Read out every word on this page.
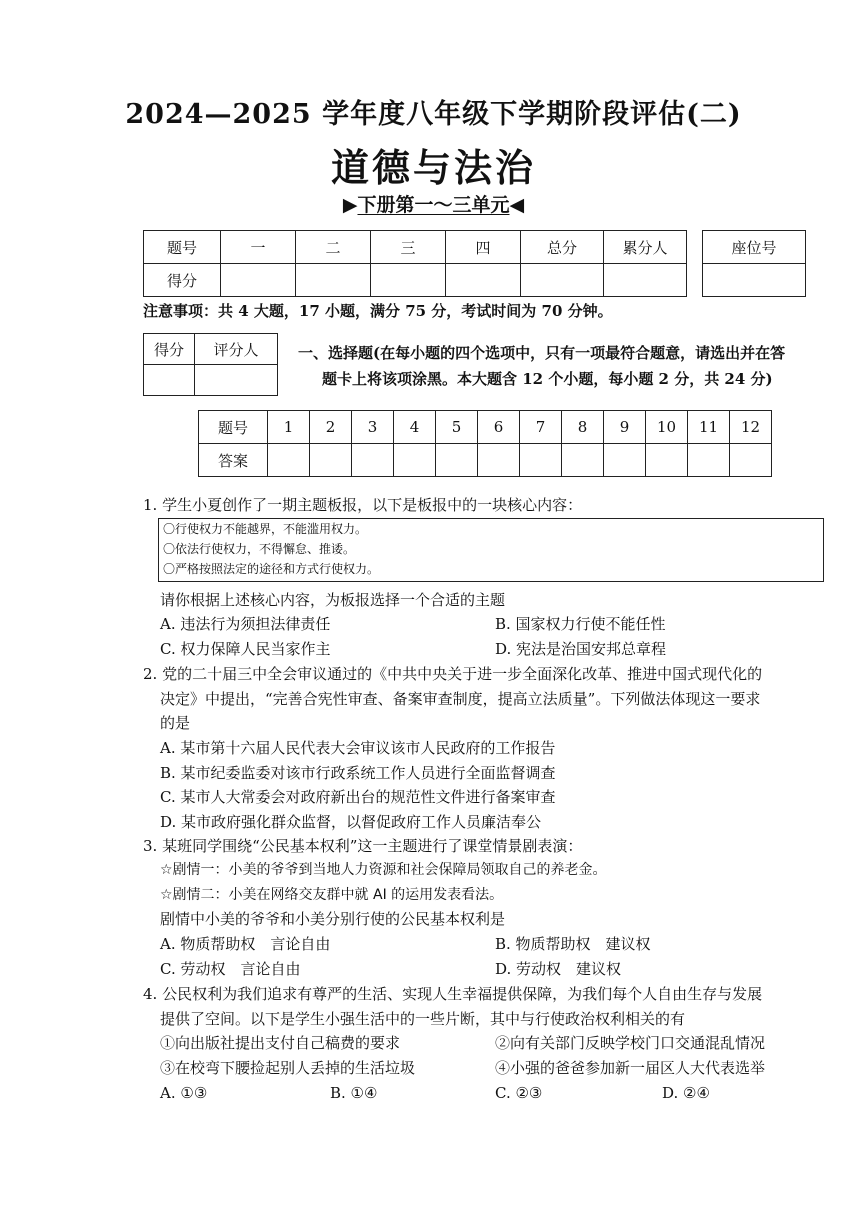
2024—2025 学年度八年级下学期阶段评估(二)
道德与法治
▶下册第一～三单元◀
题号	一	二	三	四	总分	累分人
得分						
座位号

注意事项：共 4 大题，17 小题，满分 75 分，考试时间为 70 分钟。
得分	评分人
		一、选择题(在每小题的四个选项中，只有一项最符合题意，请选出并在答
题卡上将该项涂黑。本大题含 12 个小题，每小题 2 分，共 24 分)
题号	1	2	3	4	5	6	7	8	9	10	11	12
答案												
1. 学生小夏创作了一期主题板报，以下是板报中的一块核心内容：
〇行使权力不能越界，不能滥用权力。
〇依法行使权力，不得懈怠、推诿。
〇严格按照法定的途径和方式行使权力。
请你根据上述核心内容，为板报选择一个合适的主题
A. 违法行为须担法律责任	B. 国家权力行使不能任性
C. 权力保障人民当家作主	D. 宪法是治国安邦总章程
2. 党的二十届三中全会审议通过的《中共中央关于进一步全面深化改革、推进中国式现代化的
决定》中提出，“完善合宪性审查、备案审查制度，提高立法质量”。下列做法体现这一要求
的是
A. 某市第十六届人民代表大会审议该市人民政府的工作报告
B. 某市纪委监委对该市行政系统工作人员进行全面监督调查
C. 某市人大常委会对政府新出台的规范性文件进行备案审查
D. 某市政府强化群众监督，以督促政府工作人员廉洁奉公
3. 某班同学围绕“公民基本权利”这一主题进行了课堂情景剧表演：
☆剧情一：小美的爷爷到当地人力资源和社会保障局领取自己的养老金。
☆剧情二：小美在网络交友群中就 AI 的运用发表看法。
剧情中小美的爷爷和小美分别行使的公民基本权利是
A. 物质帮助权　言论自由	B. 物质帮助权　建议权
C. 劳动权　言论自由	D. 劳动权　建议权
4. 公民权利为我们追求有尊严的生活、实现人生幸福提供保障，为我们每个人自由生存与发展
提供了空间。以下是学生小强生活中的一些片断，其中与行使政治权利相关的有
①向出版社提出支付自己稿费的要求	②向有关部门反映学校门口交通混乱情况
③在校弯下腰捡起别人丢掉的生活垃圾	④小强的爸爸参加新一届区人大代表选举
A. ①③	B. ①④	C. ②③	D. ②④
